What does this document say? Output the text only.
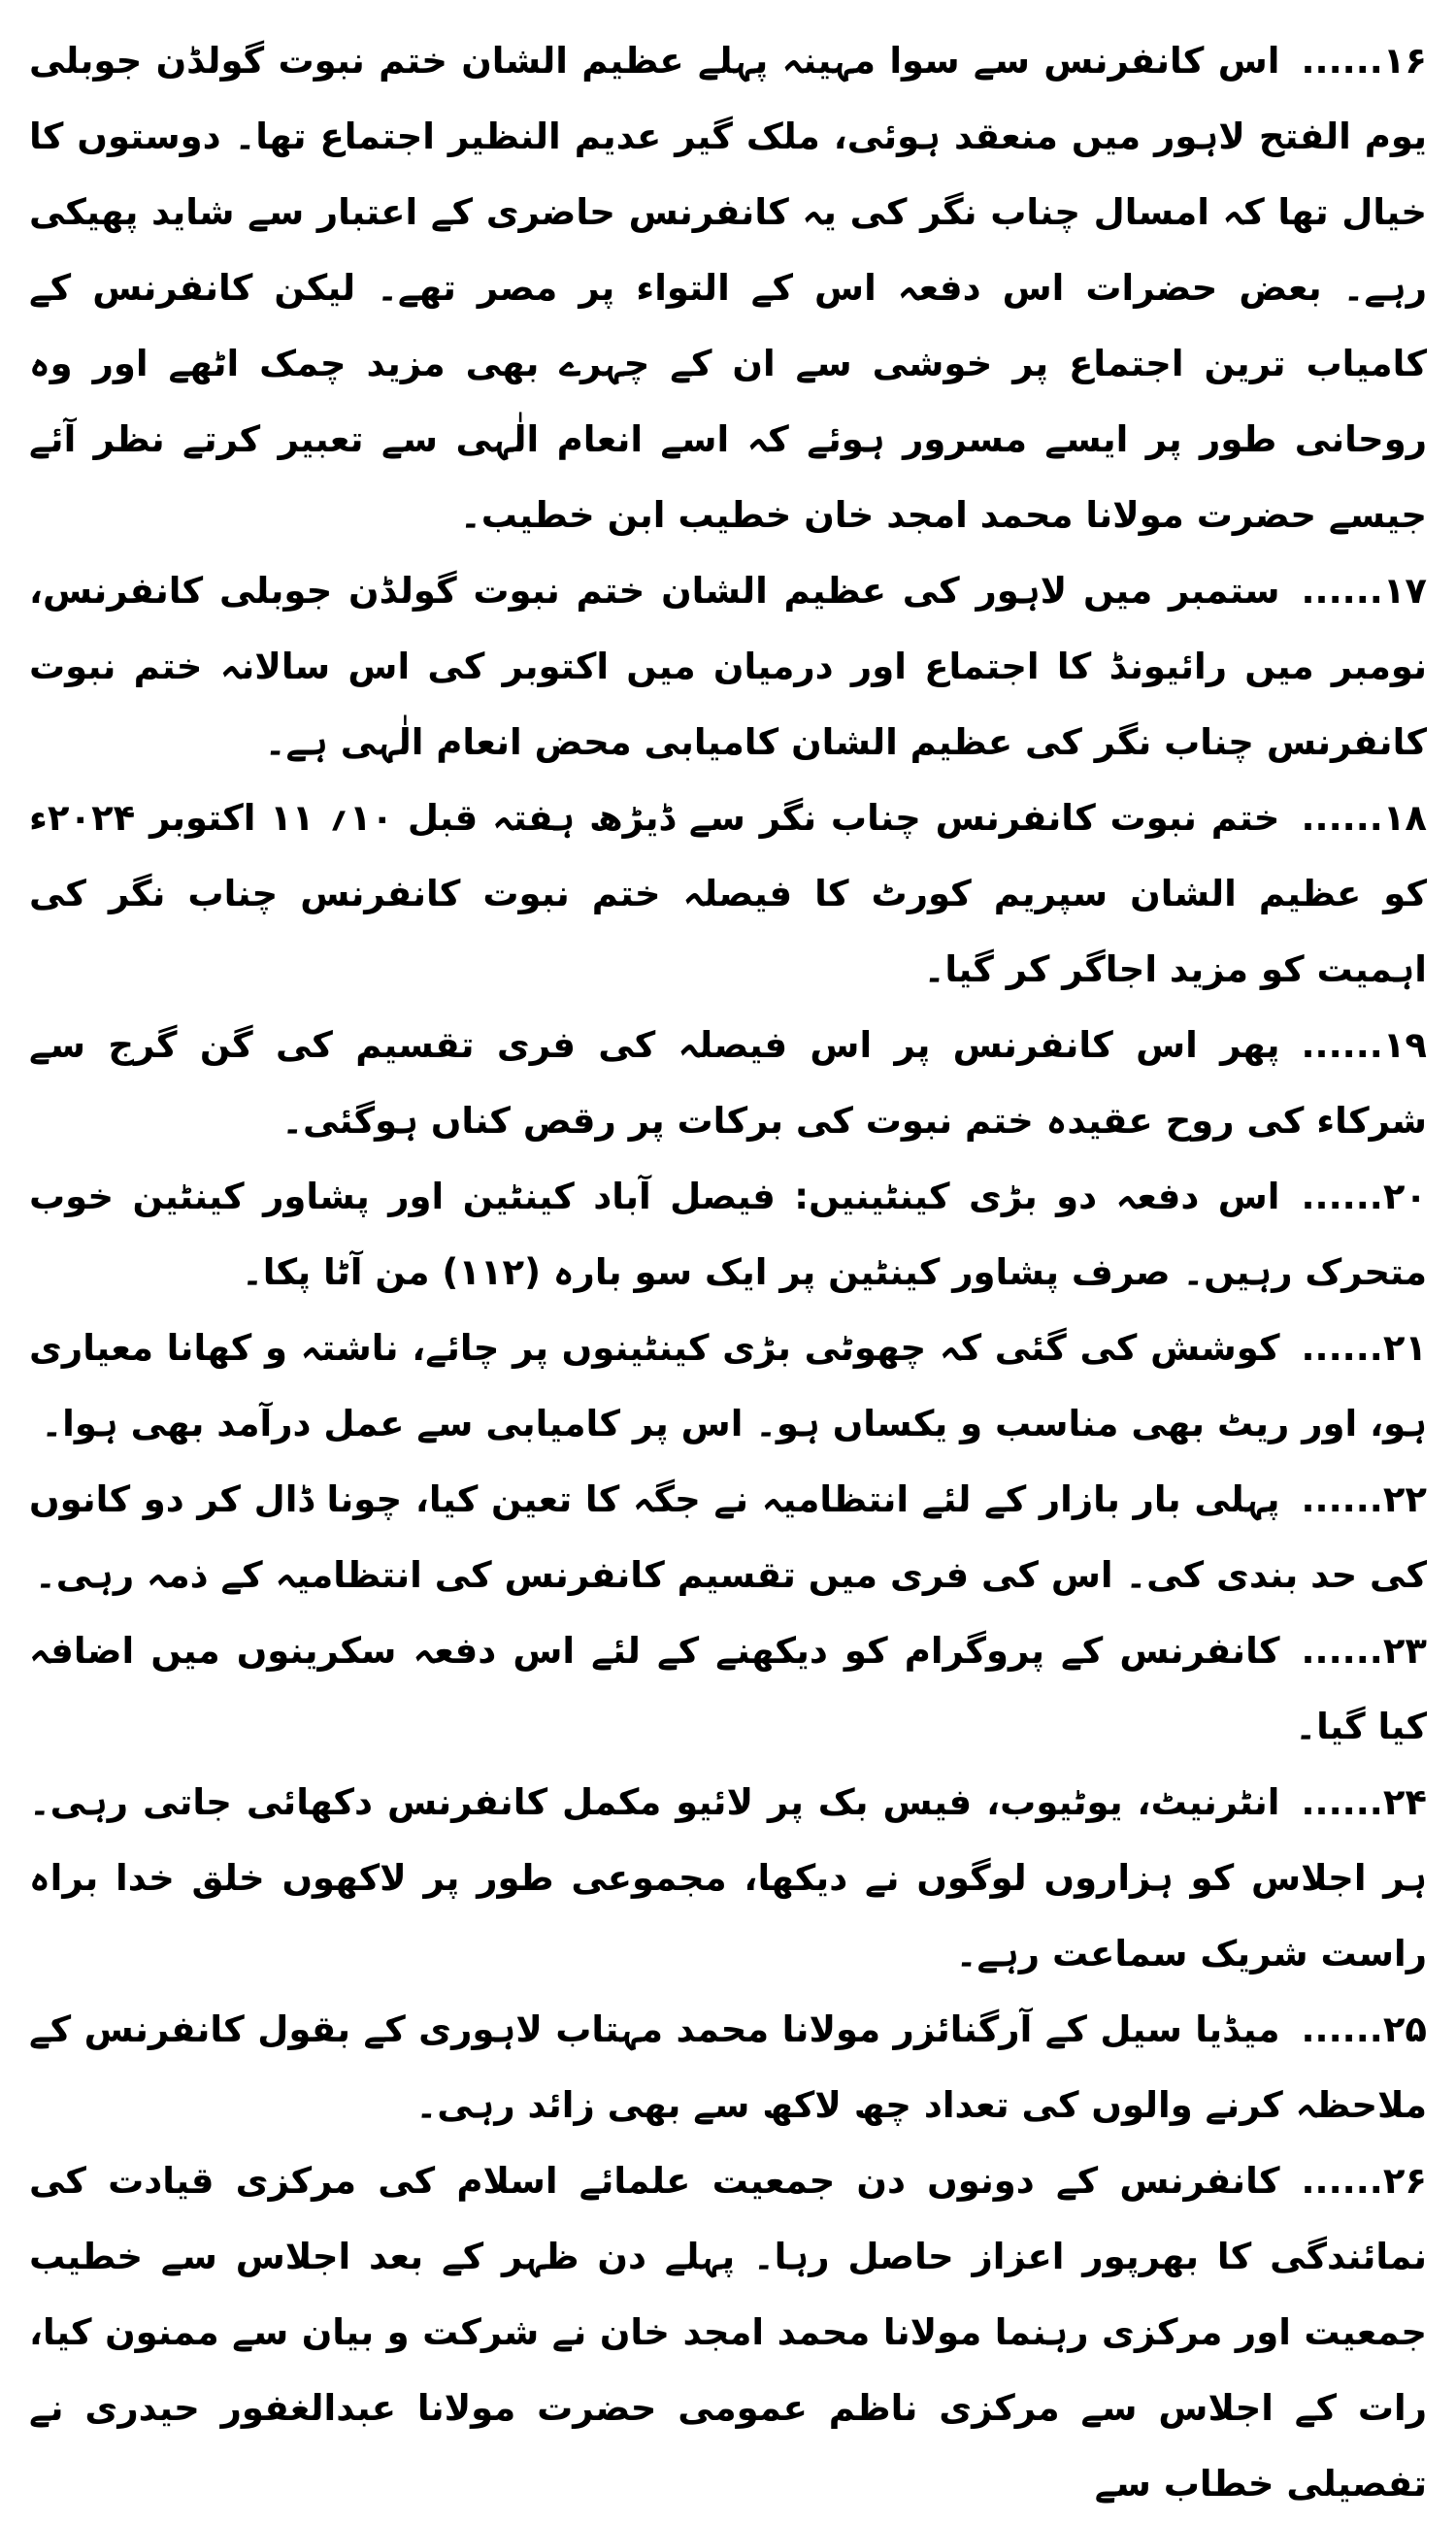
۱۶......اس کانفرنس سے سوا مہینہ پہلے عظیم الشان ختم نبوت گولڈن جوبلی یوم الفتح لاہور میں منعقد ہوئی، ملک گیر عدیم النظیر اجتماع تھا۔ دوستوں کا خیال تھا کہ امسال چناب نگر کی یہ کانفرنس حاضری کے اعتبار سے شاید پھیکی رہے۔ بعض حضرات اس دفعہ اس کے التواء پر مصر تھے۔ لیکن کانفرنس کے کامیاب ترین اجتماع پر خوشی سے ان کے چہرے بھی مزید چمک اٹھے اور وہ روحانی طور پر ایسے مسرور ہوئے کہ اسے انعام الٰہی سے تعبیر کرتے نظر آئے جیسے حضرت مولانا محمد امجد خان خطیب ابن خطیب۔

۱۷......ستمبر میں لاہور کی عظیم الشان ختم نبوت گولڈن جوبلی کانفرنس، نومبر میں رائیونڈ کا اجتماع اور درمیان میں اکتوبر کی اس سالانہ ختم نبوت کانفرنس چناب نگر کی عظیم الشان کامیابی محض انعام الٰہی ہے۔

۱۸......ختم نبوت کانفرنس چناب نگر سے ڈیڑھ ہفتہ قبل ۱۰؍ ۱۱ اکتوبر ۲۰۲۴ء کو عظیم الشان سپریم کورٹ کا فیصلہ ختم نبوت کانفرنس چناب نگر کی اہمیت کو مزید اجاگر کر گیا۔

۱۹......پھر اس کانفرنس پر اس فیصلہ کی فری تقسیم کی گن گرج سے شرکاء کی روح عقیدہ ختم نبوت کی برکات پر رقص کناں ہوگئی۔

۲۰......اس دفعہ دو بڑی کینٹینیں: فیصل آباد کینٹین اور پشاور کینٹین خوب متحرک رہیں۔ صرف پشاور کینٹین پر ایک سو بارہ (۱۱۲) من آٹا پکا۔

۲۱......کوشش کی گئی کہ چھوٹی بڑی کینٹینوں پر چائے، ناشتہ و کھانا معیاری ہو، اور ریٹ بھی مناسب و یکساں ہو۔ اس پر کامیابی سے عمل درآمد بھی ہوا۔

۲۲......پہلی بار بازار کے لئے انتظامیہ نے جگہ کا تعین کیا، چونا ڈال کر دو کانوں کی حد بندی کی۔ اس کی فری میں تقسیم کانفرنس کی انتظامیہ کے ذمہ رہی۔

۲۳......کانفرنس کے پروگرام کو دیکھنے کے لئے اس دفعہ سکرینوں میں اضافہ کیا گیا۔

۲۴......انٹرنیٹ، یوٹیوب، فیس بک پر لائیو مکمل کانفرنس دکھائی جاتی رہی۔ ہر اجلاس کو ہزاروں لوگوں نے دیکھا، مجموعی طور پر لاکھوں خلق خدا براہ راست شریک سماعت رہے۔

۲۵......میڈیا سیل کے آرگنائزر مولانا محمد مہتاب لاہوری کے بقول کانفرنس کے ملاحظہ کرنے والوں کی تعداد چھ لاکھ سے بھی زائد رہی۔

۲۶......کانفرنس کے دونوں دن جمعیت علمائے اسلام کی مرکزی قیادت کی نمائندگی کا بھرپور اعزاز حاصل رہا۔ پہلے دن ظہر کے بعد اجلاس سے خطیب جمعیت اور مرکزی رہنما مولانا محمد امجد خان نے شرکت و بیان سے ممنون کیا، رات کے اجلاس سے مرکزی ناظم عمومی حضرت مولانا عبدالغفور حیدری نے تفصیلی خطاب سے
